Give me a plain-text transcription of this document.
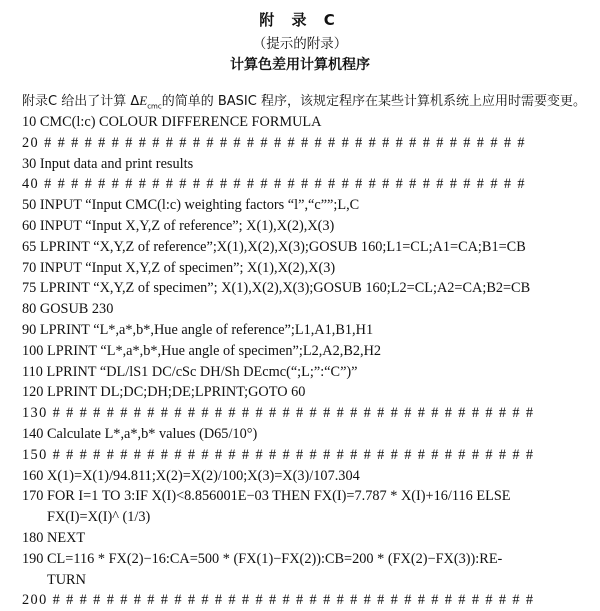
附 录 C
（提示的附录）
计算色差用计算机程序
附录C 给出了计算 $\Delta E_{cmc}$的简单的 BASIC 程序，该规定程序在某些计算机系统上应用时需要变更。
10 CMC(l:c) COLOUR DIFFERENCE FORMULA
20 # # # # # # # # # # # # # # # # # # # # # # # # # # # # # # # # # # # #
30 Input data and print results
40 # # # # # # # # # # # # # # # # # # # # # # # # # # # # # # # # # # # #
50 INPUT “Input CMC(l:c) weighting factors “l”,“c””;L,C
60 INPUT “Input X,Y,Z of reference”; X(1),X(2),X(3)
65 LPRINT “X,Y,Z of reference”;X(1),X(2),X(3);GOSUB 160;L1=CL;A1=CA;B1=CB
70 INPUT “Input X,Y,Z of specimen”; X(1),X(2),X(3)
75 LPRINT “X,Y,Z of specimen”; X(1),X(2),X(3);GOSUB 160;L2=CL;A2=CA;B2=CB
80 GOSUB 230
90 LPRINT “L*,a*,b*,Hue angle of reference”;L1,A1,B1,H1
100 LPRINT “L*,a*,b*,Hue angle of specimen”;L2,A2,B2,H2
110 LPRINT “DL/lS1 DC/cSc DH/Sh DEcmc(“;L;”:“C”)”
120 LPRINT DL;DC;DH;DE;LPRINT;GOTO 60
130 # # # # # # # # # # # # # # # # # # # # # # # # # # # # # # # # # # # #
140 Calculate L*,a*,b* values (D65/10°)
150 # # # # # # # # # # # # # # # # # # # # # # # # # # # # # # # # # # # #
160 X(1)=X(1)/94.811;X(2)=X(2)/100;X(3)=X(3)/107.304
170 FOR I=1 TO 3:IF X(I)<8.856001E−03 THEN FX(I)=7.787 * X(I)+16/116 ELSE
FX(I)=X(I)^ (1/3)
180 NEXT
190 CL=116 * FX(2)−16:CA=500 * (FX(1)−FX(2)):CB=200 * (FX(2)−FX(3)):RE-
TURN
200 # # # # # # # # # # # # # # # # # # # # # # # # # # # # # # # # # # # #
